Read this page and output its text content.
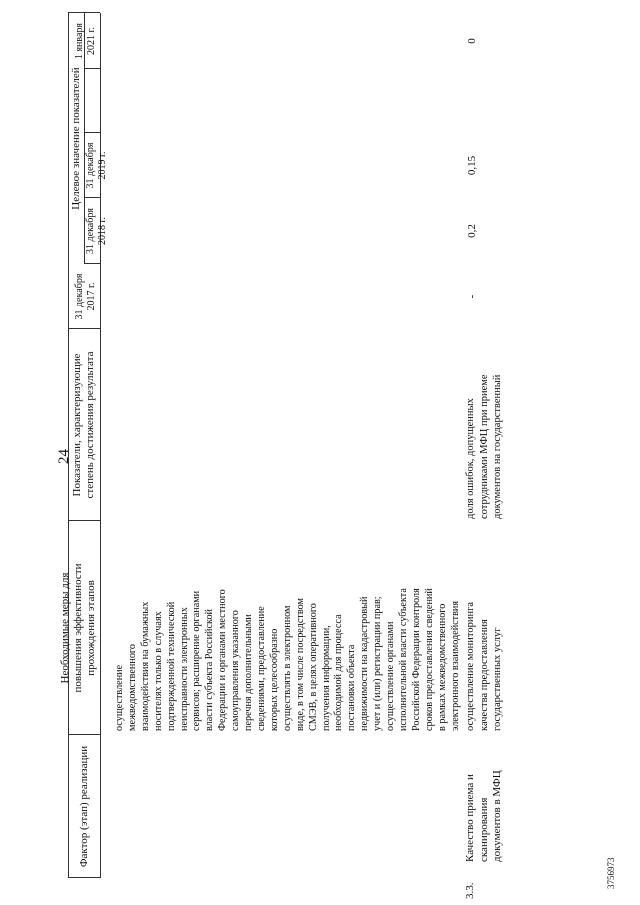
24
3756973
Фактор (этап) реализации
Необходимые меры для повышения эффективности прохождения этапов
Показатели, характеризующие степень достижения результата
Целевое значение показателей
31 декабря 2017 г.
31 декабря 2018 г.
31 декабря 2019 г.
1 января 2021 г.
осуществление межведомственного взаимодействия на бумажных носителях только в случаях подтвержденной технической неисправности электронных сервисов; расширение органами власти субъекта Российской Федерации и органами местного самоуправления указанного перечня дополнительными сведениями, предоставление которых целесообразно осуществлять в электронном виде, в том числе посредством СМЭВ, в целях оперативного получения информации, необходимой для процесса постановки объекта недвижимости на кадастровый учет и (или) регистрации прав; осуществление органами исполнительной власти субъекта Российской Федерации контроля сроков предоставления сведений в рамках межведомственного электронного взаимодействия
3.3.
Качество приема и сканирования документов в МФЦ
осуществление мониторинга качества предоставления государственных услуг
доля ошибок, допущенных сотрудниками МФЦ при приеме документов на государственный
-
0,2
0,15
0
